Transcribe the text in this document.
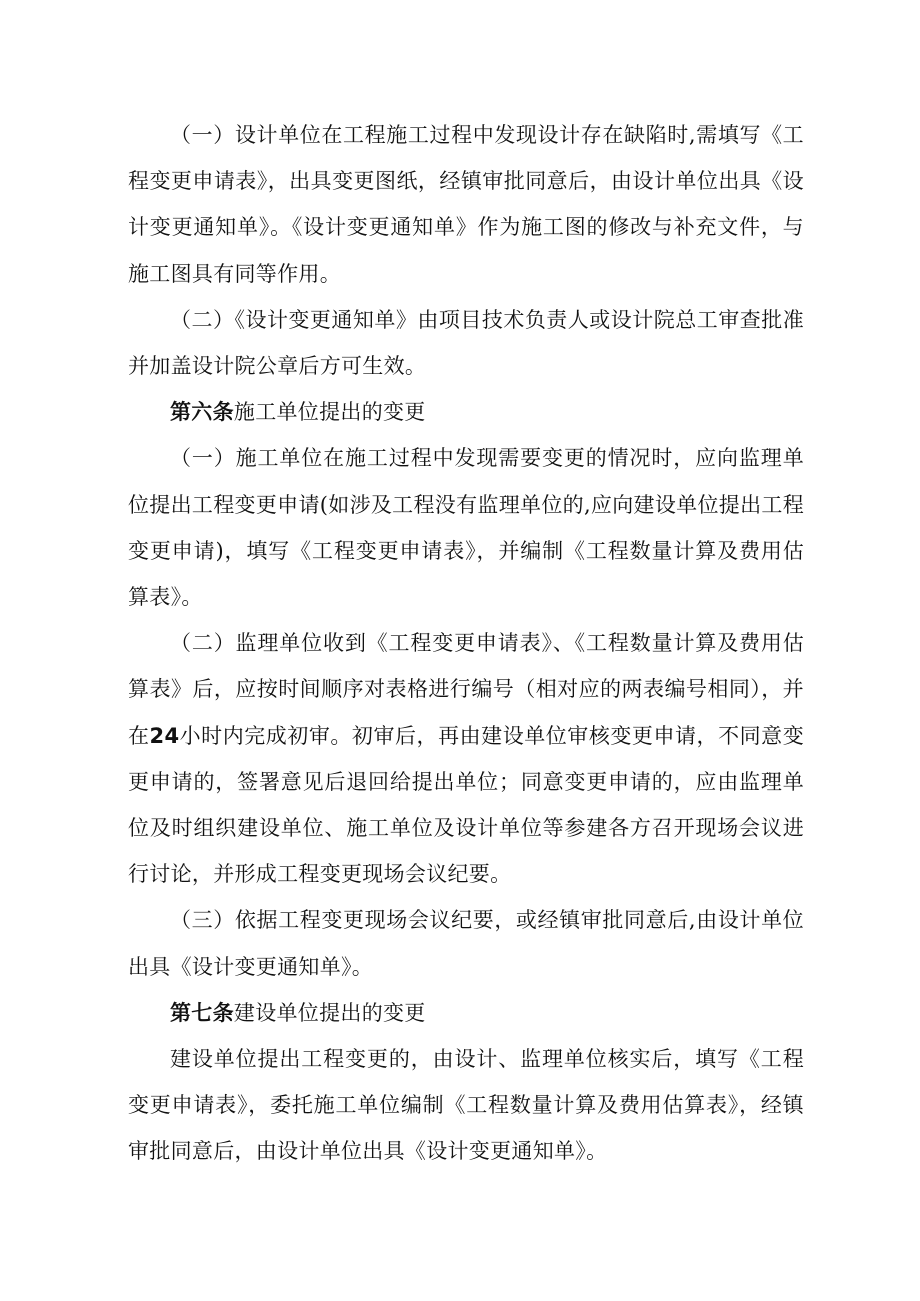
（一）设计单位在工程施工过程中发现设计存在缺陷时,需填写《工程变更申请表》，出具变更图纸，经镇审批同意后，由设计单位出具《设计变更通知单》。《设计变更通知单》作为施工图的修改与补充文件，与施工图具有同等作用。

（二）《设计变更通知单》由项目技术负责人或设计院总工审查批准并加盖设计院公章后方可生效。

第六条施工单位提出的变更

（一）施工单位在施工过程中发现需要变更的情况时，应向监理单位提出工程变更申请(如涉及工程没有监理单位的,应向建设单位提出工程变更申请)，填写《工程变更申请表》，并编制《工程数量计算及费用估算表》。

（二）监理单位收到《工程变更申请表》、《工程数量计算及费用估算表》后，应按时间顺序对表格进行编号（相对应的两表编号相同），并在24小时内完成初审。初审后，再由建设单位审核变更申请，不同意变更申请的，签署意见后退回给提出单位；同意变更申请的，应由监理单位及时组织建设单位、施工单位及设计单位等参建各方召开现场会议进行讨论，并形成工程变更现场会议纪要。

（三）依据工程变更现场会议纪要，或经镇审批同意后,由设计单位出具《设计变更通知单》。

第七条建设单位提出的变更

建设单位提出工程变更的，由设计、监理单位核实后，填写《工程变更申请表》，委托施工单位编制《工程数量计算及费用估算表》，经镇审批同意后，由设计单位出具《设计变更通知单》。
